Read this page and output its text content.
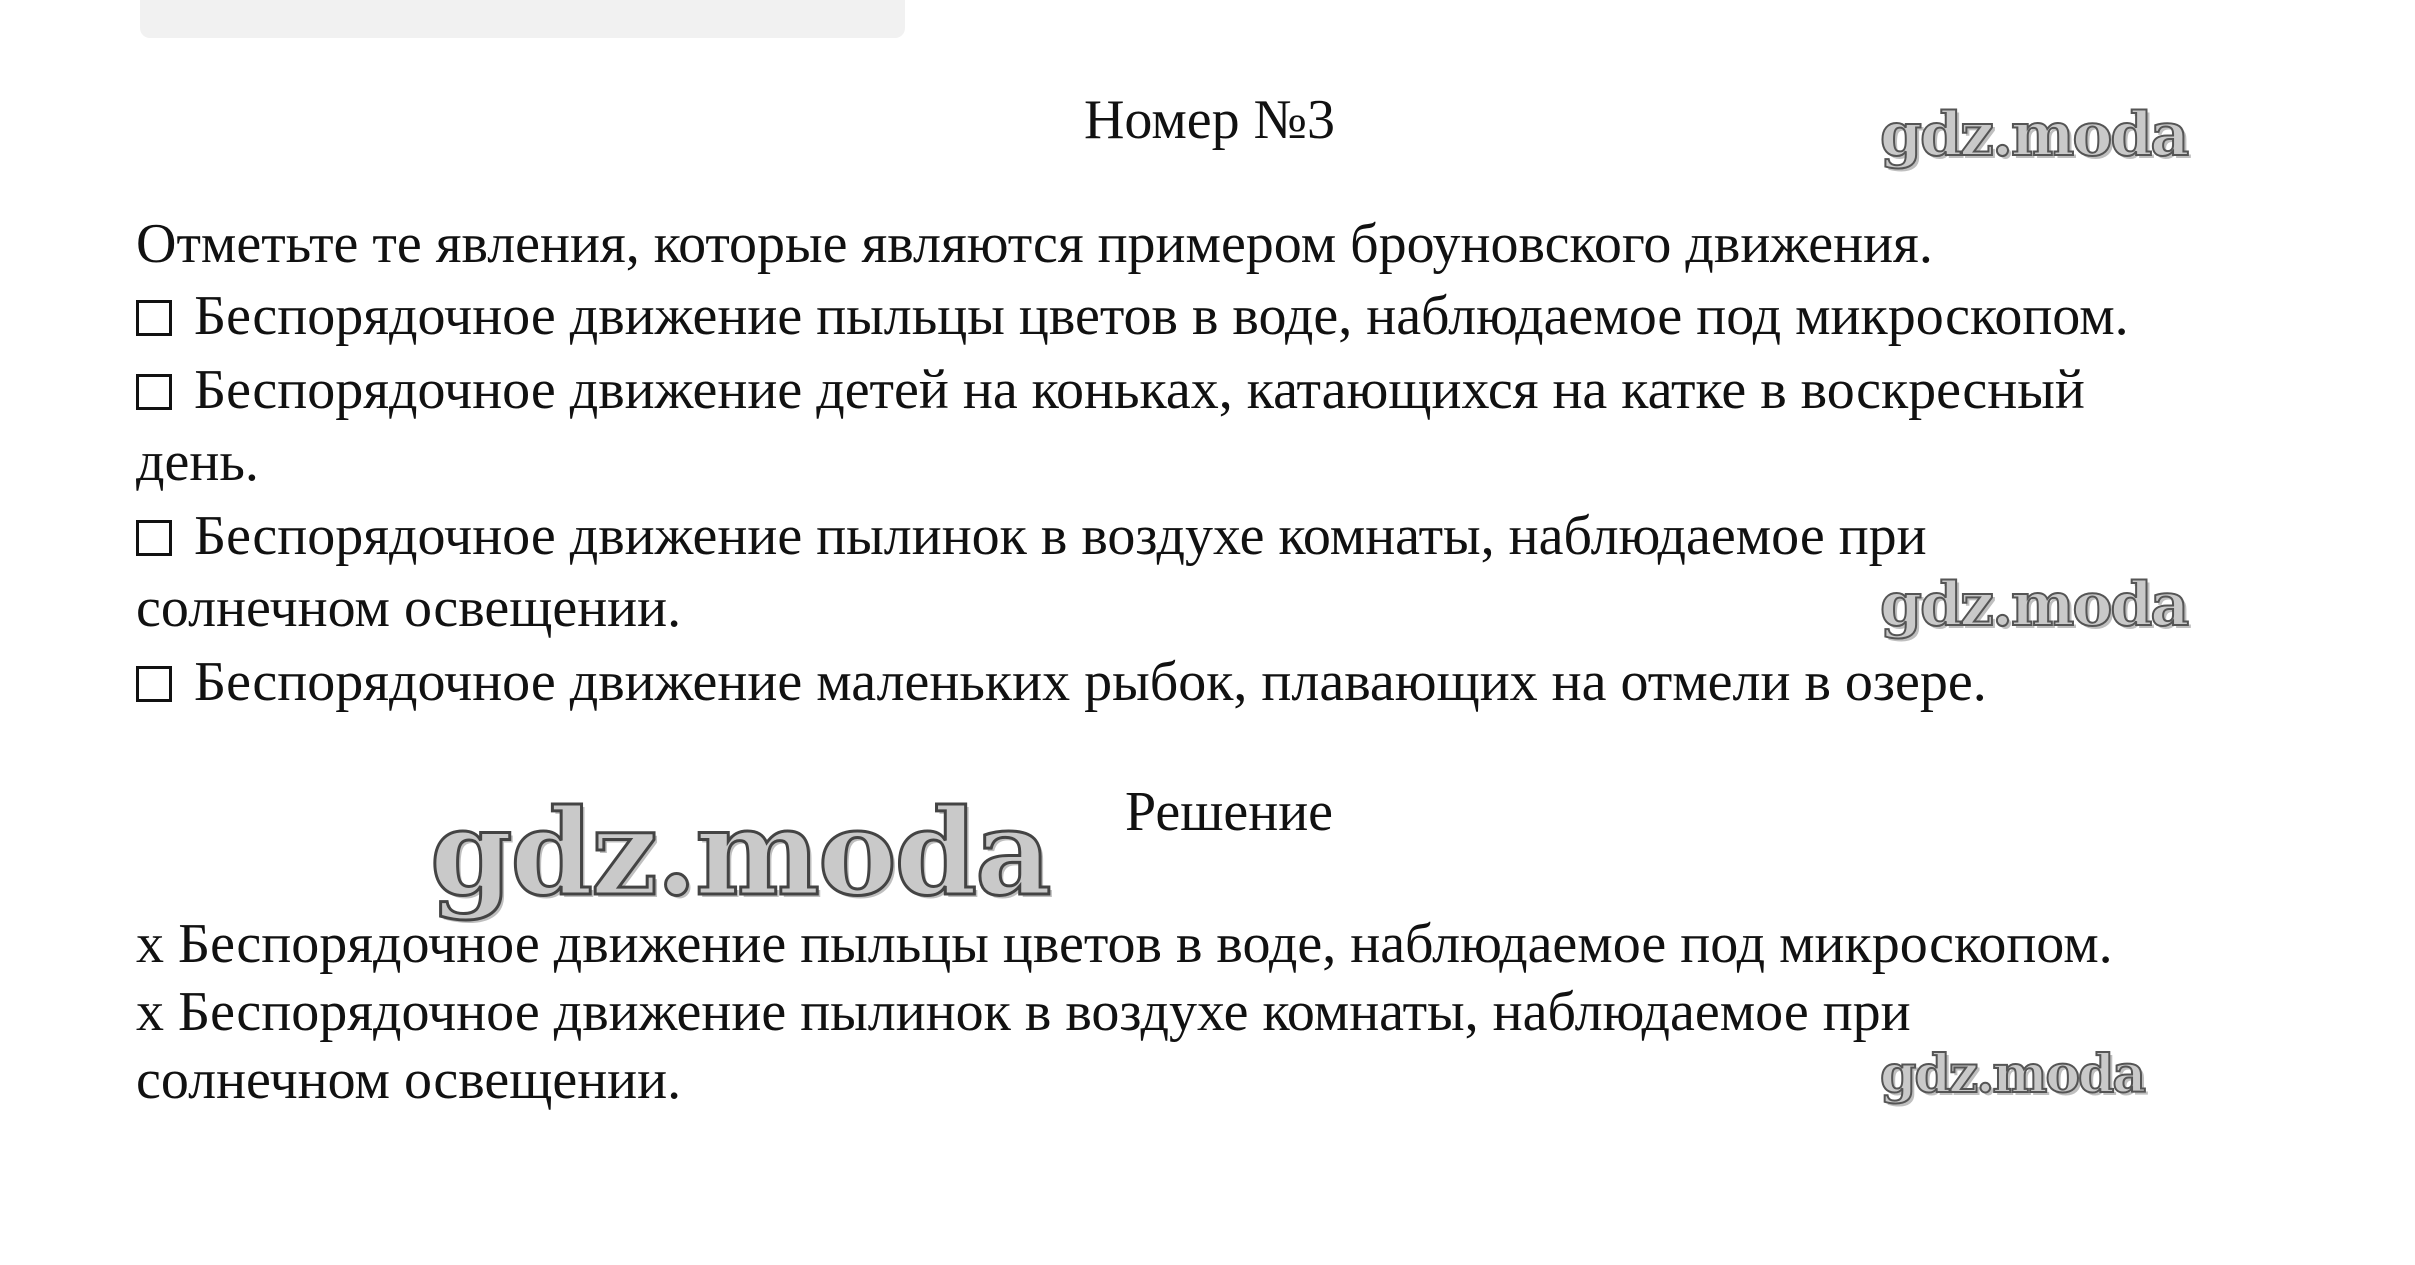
Номер №3
Отметьте те явления, которые являются примером броуновского движения.
Беспорядочное движение пыльцы цветов в воде, наблюдаемое под микроскопом.
Беспорядочное движение детей на коньках, катающихся на катке в воскресный
день.
Беспорядочное движение пылинок в воздухе комнаты, наблюдаемое при
солнечном освещении.
Беспорядочное движение маленьких рыбок, плавающих на отмели в озере.
Решение
x Беспорядочное движение пыльцы цветов в воде, наблюдаемое под микроскопом.
x Беспорядочное движение пылинок в воздухе комнаты, наблюдаемое при
солнечном освещении.
gdz.moda
gdz.moda
gdz.moda
gdz.moda
